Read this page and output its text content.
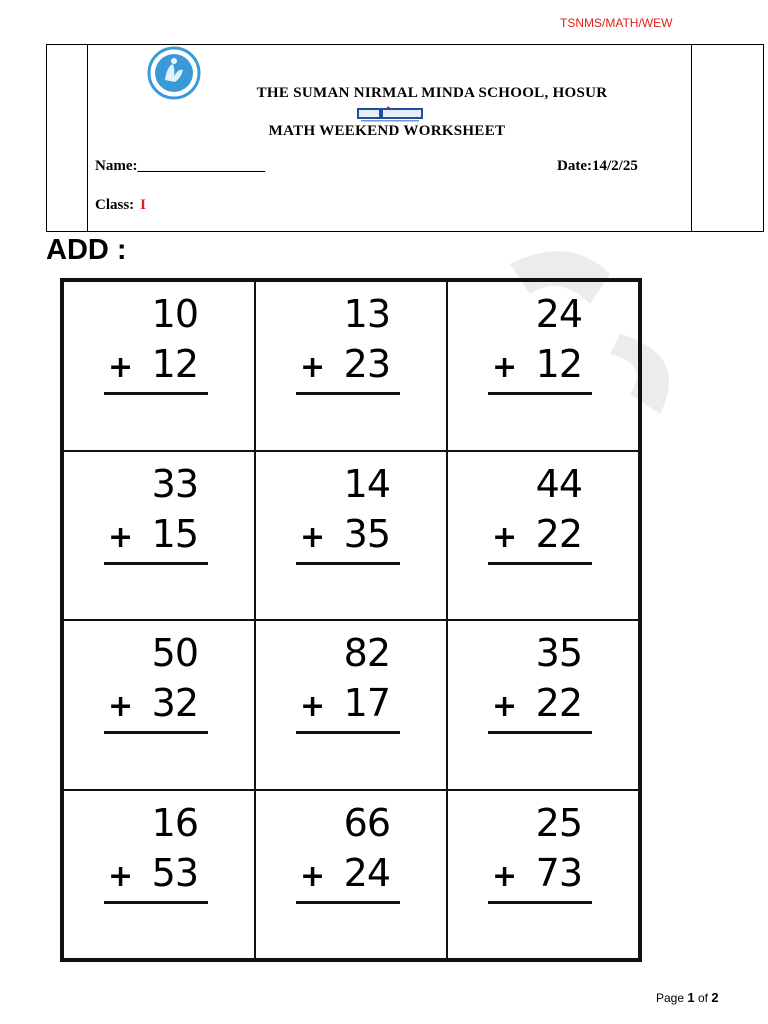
TSNMS/MATH/WEW
THE SUMAN NIRMAL MINDA SCHOOL, HOSUR
MATH WEEKEND WORKSHEET
Name:_________________	Date:14/2/25
Class: I
ADD :
10
+ 12
13
+ 23
24
+ 12
33
+ 15
14
+ 35
44
+ 22
50
+ 32
82
+ 17
35
+ 22
16
+ 53
66
+ 24
25
+ 73
Page 1 of 2
